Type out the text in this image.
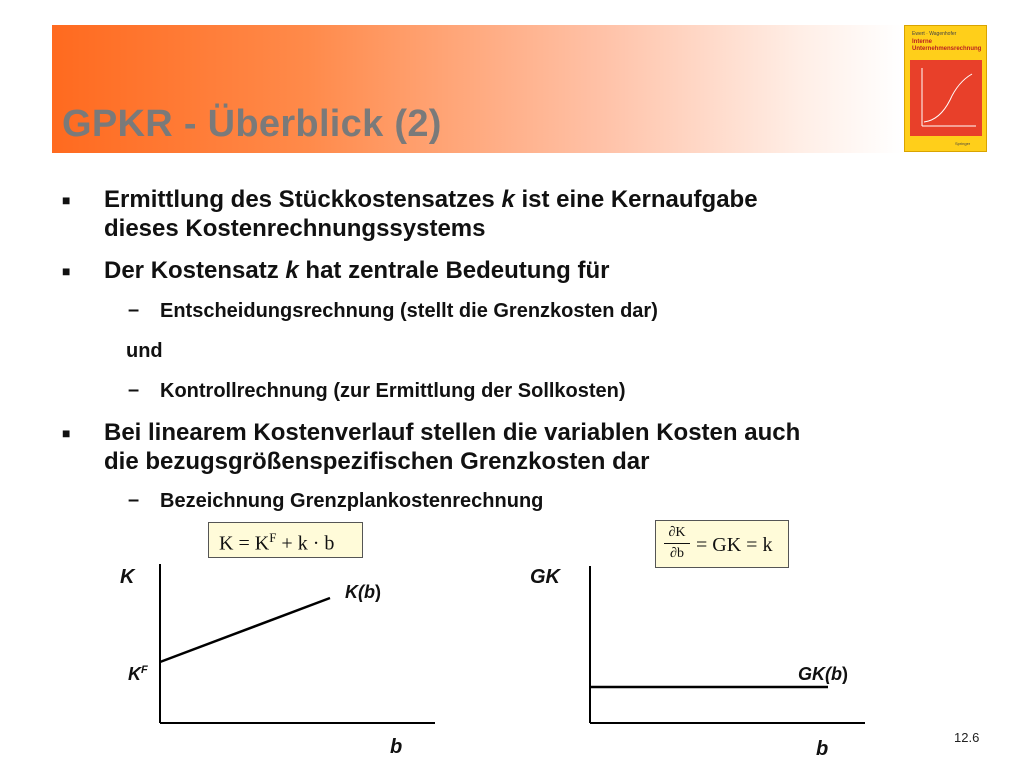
GPKR - Überblick (2)
Ewert · Wagenhofer
Interne Unternehmensrechnung
Springer
■ Ermittlung des Stückkostensatzes k ist eine Kernaufgabe
dieses Kostenrechnungssystems
■ Der Kostensatz k hat zentrale Bedeutung für
– Entscheidungsrechnung (stellt die Grenzkosten dar)
und
– Kontrollrechnung (zur Ermittlung der Sollkosten)
■ Bei linearem Kostenverlauf stellen die variablen Kosten auch
die bezugsgrößenspezifischen Grenzkosten dar
– Bezeichnung Grenzplankostenrechnung
$K = K^F + k \cdot b$
∂K
∂b = GK = k
K
b
K(b)
$K^F$
GK
b
GK(b)
12.6
